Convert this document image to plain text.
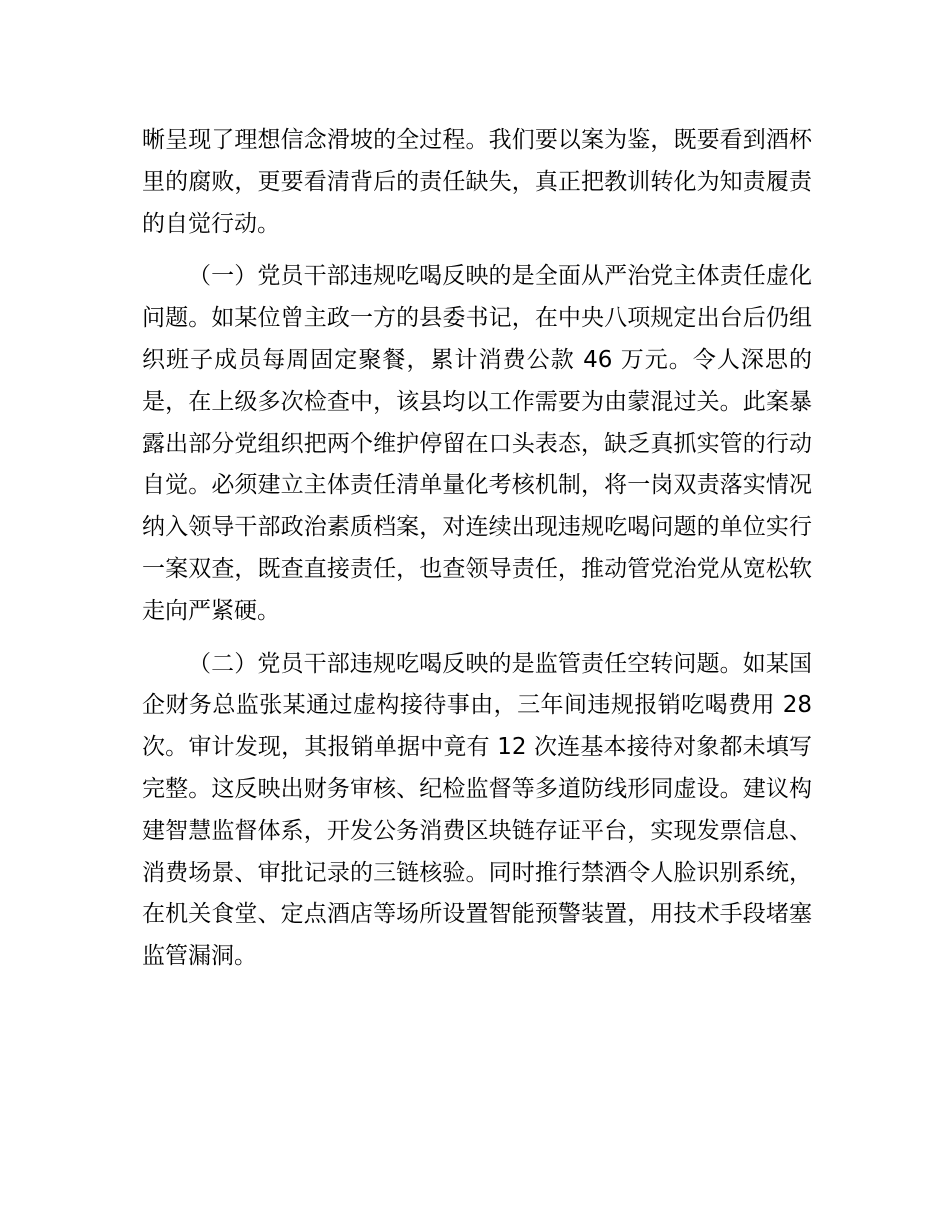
晰呈现了理想信念滑坡的全过程。我们要以案为鉴，既要看到酒杯里的腐败，更要看清背后的责任缺失，真正把教训转化为知责履责的自觉行动。

（一）党员干部违规吃喝反映的是全面从严治党主体责任虚化问题。如某位曾主政一方的县委书记，在中央八项规定出台后仍组织班子成员每周固定聚餐，累计消费公款 46 万元。令人深思的是，在上级多次检查中，该县均以工作需要为由蒙混过关。此案暴露出部分党组织把两个维护停留在口头表态，缺乏真抓实管的行动自觉。必须建立主体责任清单量化考核机制，将一岗双责落实情况纳入领导干部政治素质档案，对连续出现违规吃喝问题的单位实行一案双查，既查直接责任，也查领导责任，推动管党治党从宽松软走向严紧硬。

（二）党员干部违规吃喝反映的是监管责任空转问题。如某国企财务总监张某通过虚构接待事由，三年间违规报销吃喝费用 28 次。审计发现，其报销单据中竟有 12 次连基本接待对象都未填写完整。这反映出财务审核、纪检监督等多道防线形同虚设。建议构建智慧监督体系，开发公务消费区块链存证平台，实现发票信息、消费场景、审批记录的三链核验。同时推行禁酒令人脸识别系统，在机关食堂、定点酒店等场所设置智能预警装置，用技术手段堵塞监管漏洞。
